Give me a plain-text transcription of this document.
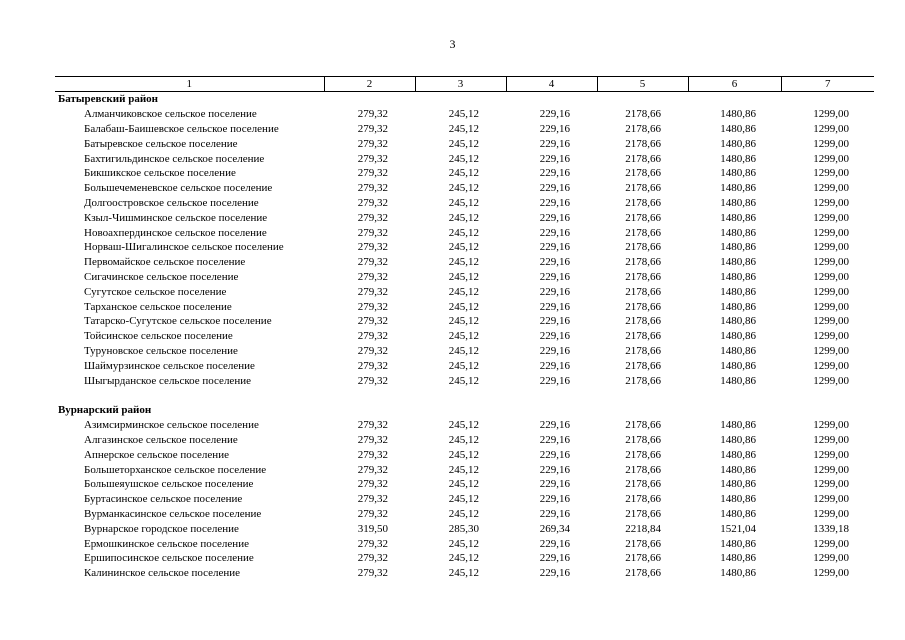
3
1	2	3	4	5	6	7
Батыревский район						
Алманчиковское сельское поселение	279,32	245,12	229,16	2178,66	1480,86	1299,00
Балабаш-Баишевское сельское поселение	279,32	245,12	229,16	2178,66	1480,86	1299,00
Батыревское сельское поселение	279,32	245,12	229,16	2178,66	1480,86	1299,00
Бахтигильдинское сельское поселение	279,32	245,12	229,16	2178,66	1480,86	1299,00
Бикшикское сельское поселение	279,32	245,12	229,16	2178,66	1480,86	1299,00
Большечеменевское сельское поселение	279,32	245,12	229,16	2178,66	1480,86	1299,00
Долгоостровское сельское поселение	279,32	245,12	229,16	2178,66	1480,86	1299,00
Кзыл-Чишминское сельское поселение	279,32	245,12	229,16	2178,66	1480,86	1299,00
Новоахпердинское сельское поселение	279,32	245,12	229,16	2178,66	1480,86	1299,00
Норваш-Шигалинское сельское поселение	279,32	245,12	229,16	2178,66	1480,86	1299,00
Первомайское сельское поселение	279,32	245,12	229,16	2178,66	1480,86	1299,00
Сигачинское сельское поселение	279,32	245,12	229,16	2178,66	1480,86	1299,00
Сугутское сельское поселение	279,32	245,12	229,16	2178,66	1480,86	1299,00
Тарханское сельское поселение	279,32	245,12	229,16	2178,66	1480,86	1299,00
Татарско-Сугутское сельское поселение	279,32	245,12	229,16	2178,66	1480,86	1299,00
Тойсинское сельское поселение	279,32	245,12	229,16	2178,66	1480,86	1299,00
Туруновское сельское поселение	279,32	245,12	229,16	2178,66	1480,86	1299,00
Шаймурзинское сельское поселение	279,32	245,12	229,16	2178,66	1480,86	1299,00
Шыгырданское сельское поселение	279,32	245,12	229,16	2178,66	1480,86	1299,00

Вурнарский район						
Азимсирминское сельское поселение	279,32	245,12	229,16	2178,66	1480,86	1299,00
Алгазинское сельское поселение	279,32	245,12	229,16	2178,66	1480,86	1299,00
Апнерское сельское поселение	279,32	245,12	229,16	2178,66	1480,86	1299,00
Большеторханское сельское поселение	279,32	245,12	229,16	2178,66	1480,86	1299,00
Большеяушское сельское поселение	279,32	245,12	229,16	2178,66	1480,86	1299,00
Буртасинское сельское поселение	279,32	245,12	229,16	2178,66	1480,86	1299,00
Вурманкасинское сельское поселение	279,32	245,12	229,16	2178,66	1480,86	1299,00
Вурнарское городское поселение	319,50	285,30	269,34	2218,84	1521,04	1339,18
Ермошкинское сельское поселение	279,32	245,12	229,16	2178,66	1480,86	1299,00
Ершипосинское сельское поселение	279,32	245,12	229,16	2178,66	1480,86	1299,00
Калининское сельское поселение	279,32	245,12	229,16	2178,66	1480,86	1299,00
